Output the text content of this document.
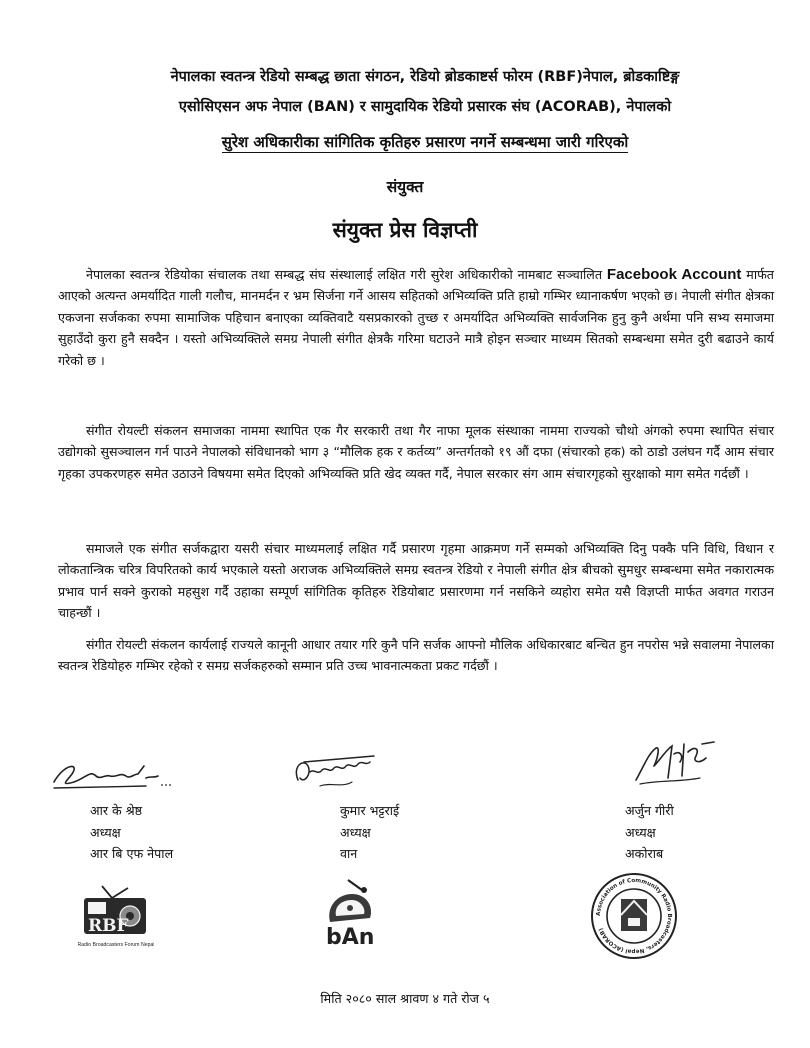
नेपालका स्वतन्त्र रेडियो सम्बद्ध छाता संगठन, रेडियो ब्रोडकाष्टर्स फोरम (RBF)नेपाल, ब्रोडकाष्टिङ्ग
एसोसिएसन अफ नेपाल (BAN) र सामुदायिक रेडियो प्रसारक संघ (ACORAB), नेपालको
सुरेश अधिकारीका सांगितिक कृतिहरु प्रसारण नगर्ने सम्बन्धमा जारी गरिएको
संयुक्त
संयुक्त प्रेस विज्ञप्ती
नेपालका स्वतन्त्र रेडियोका संचालक तथा सम्बद्ध संघ संस्थालाई लक्षित गरी सुरेश अधिकारीको नामबाट सञ्चालित Facebook Account मार्फत आएको अत्यन्त अमर्यादित गाली गलौच, मानमर्दन र भ्रम सिर्जना गर्ने आसय सहितको अभिव्यक्ति प्रति हाम्रो गम्भिर ध्यानाकर्षण भएको छ। नेपाली संगीत क्षेत्रका एकजना सर्जकका रुपमा सामाजिक पहिचान बनाएका व्यक्तिवाटै यसप्रकारको तुच्छ र अमर्यादित अभिव्यक्ति सार्वजनिक हुनु कुनै अर्थमा पनि सभ्य समाजमा सुहाउँदो कुरा हुनै सक्दैन । यस्तो अभिव्यक्तिले समग्र नेपाली संगीत क्षेत्रकै गरिमा घटाउने मात्रै होइन सञ्चार माध्यम सितको सम्बन्धमा समेत दुरी बढाउने कार्य गरेको छ ।
संगीत रोयल्टी संकलन समाजका नाममा स्थापित एक गैर सरकारी तथा गैर नाफा मूलक संस्थाका नाममा राज्यको चौथो अंगको रुपमा स्थापित संचार उद्योगको सुसञ्चालन गर्न पाउने नेपालको संविधानको भाग ३ “मौलिक हक र कर्तव्य” अन्तर्गतको १९ औं दफा (संचारको हक) को ठाडो उलंघन गर्दै आम संचार गृहका उपकरणहरु समेत उठाउने विषयमा समेत दिएको अभिव्यक्ति प्रति खेद व्यक्त गर्दै, नेपाल सरकार संग आम संचारगृहको सुरक्षाको माग समेत गर्दछौं ।
समाजले एक संगीत सर्जकद्वारा यसरी संचार माध्यमलाई लक्षित गर्दै प्रसारण गृहमा आक्रमण गर्ने सम्मको अभिव्यक्ति दिनु पक्कै पनि विधि, विधान र लोकतान्त्रिक चरित्र विपरितको कार्य भएकाले यस्तो अराजक अभिव्यक्तिले समग्र स्वतन्त्र रेडियो र नेपाली संगीत क्षेत्र बीचको सुमधुर सम्बन्धमा समेत नकारात्मक प्रभाव पार्न सक्ने कुराको महसुश गर्दै उहाका सम्पूर्ण सांगितिक कृतिहरु रेडियोबाट प्रसारणमा गर्न नसकिने व्यहोरा समेत यसै विज्ञप्ती मार्फत अवगत गराउन चाहन्छौं ।
संगीत रोयल्टी संकलन कार्यलाई राज्यले कानूनी आधार तयार गरि कुनै पनि सर्जक आफ्नो मौलिक अधिकारबाट बन्चित हुन नपरोस भन्ने सवालमा नेपालका स्वतन्त्र रेडियोहरु गम्भिर रहेको र समग्र सर्जकहरुको सम्मान प्रति उच्च भावनात्मकता प्रकट गर्दछौं ।
आर के श्रेष्ठ
अध्यक्ष
आर बि एफ नेपाल
कुमार भट्टराई
अध्यक्ष
वान
अर्जुन गीरी
अध्यक्ष
अकोराब
RBF
Radio Broadcasters Forum Nepal	bAn
Association of Community Radio Broadcasters, Nepal (ACORAB)
मिति २०८० साल श्रावण ४ गते रोज ५
